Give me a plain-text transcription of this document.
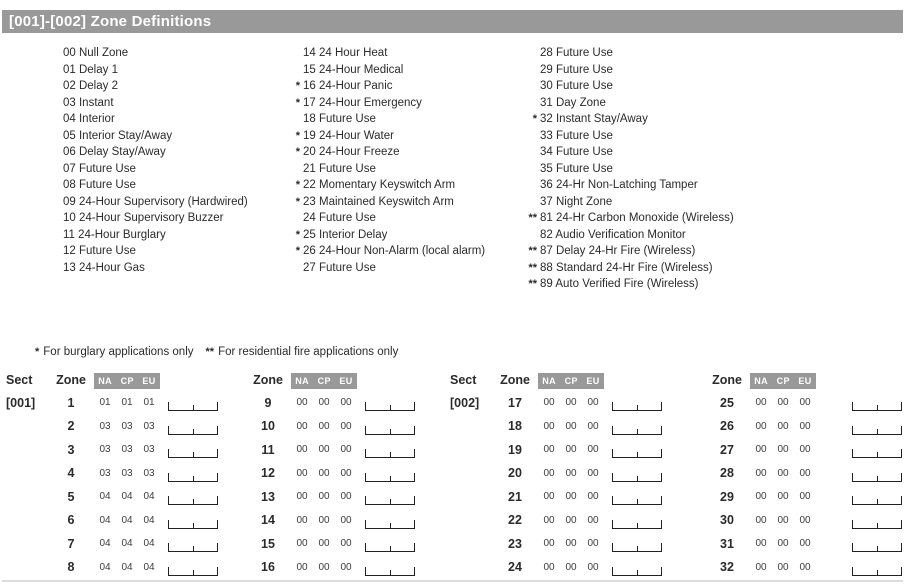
[001]-[002] Zone Definitions
00 Null Zone
01 Delay 1
02 Delay 2
03 Instant
04 Interior
05 Interior Stay/Away
06 Delay Stay/Away
07 Future Use
08 Future Use
09 24-Hour Supervisory (Hardwired)
10 24-Hour Supervisory Buzzer
11 24-Hour Burglary
12 Future Use
13 24-Hour Gas
14 24 Hour Heat
15 24-Hour Medical
* 16 24-Hour Panic
* 17 24-Hour Emergency
18 Future Use
* 19 24-Hour Water
* 20 24-Hour Freeze
21 Future Use
* 22 Momentary Keyswitch Arm
* 23 Maintained Keyswitch Arm
24 Future Use
* 25 Interior Delay
* 26 24-Hour Non-Alarm (local alarm)
27 Future Use
28 Future Use
29 Future Use
30 Future Use
31 Day Zone
* 32 Instant Stay/Away
33 Future Use
34 Future Use
35 Future Use
36 24-Hr Non-Latching Tamper
37 Night Zone
** 81 24-Hr Carbon Monoxide (Wireless)
82 Audio Verification Monitor
** 87 Delay 24-Hr Fire (Wireless)
** 88 Standard 24-Hr Fire (Wireless)
** 89 Auto Verified Fire (Wireless)
* For burglary applications only ** For residential fire applications only
Sect	Zone	NA CP EU
[001]	1	01	01	01
2	03	03	03
3	03	03	03
4	03	03	03
5	04	04	04
6	04	04	04
7	04	04	04
8	04	04	04
Zone	NA CP EU
9	00	00	00
10	00	00	00
11	00	00	00
12	00	00	00
13	00	00	00
14	00	00	00
15	00	00	00
16	00	00	00
Sect	Zone	NA CP EU
[002]	17	00	00	00
18	00	00	00
19	00	00	00
20	00	00	00
21	00	00	00
22	00	00	00
23	00	00	00
24	00	00	00
Zone	NA CP EU
25	00	00	00
26	00	00	00
27	00	00	00
28	00	00	00
29	00	00	00
30	00	00	00
31	00	00	00
32	00	00	00
